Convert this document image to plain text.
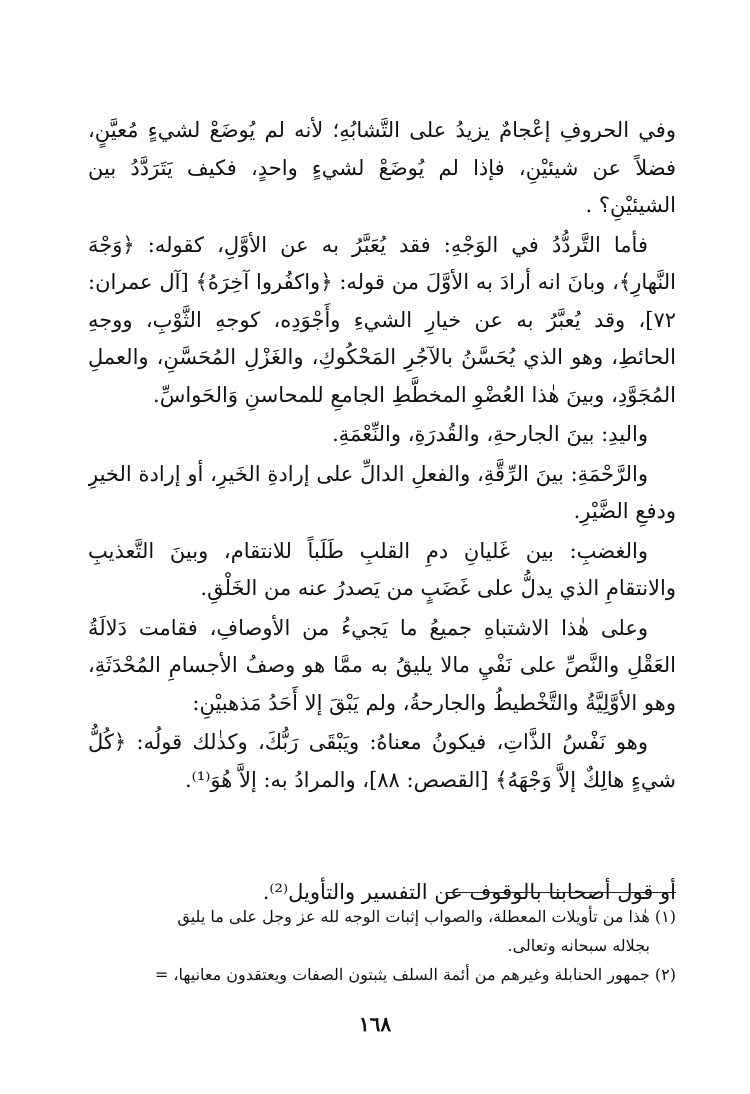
وفي الحروفِ إعْجامٌ يزيدُ على التَّشابُهِ؛ لأنه لم يُوضَعْ لشيءٍ مُعيَّنٍ، فضلاً عن شيئيْنِ، فإذا لم يُوضَعْ لشيءٍ واحدٍ، فكيف يَتَرَدَّدُ بين الشيئيْنِ؟ .

فأما التَّردُّدُ في الوَجْهِ: فقد يُعَبَّرُ به عن الأوَّلِ، كقوله: ﴿وَجْهَ النَّهارِ﴾، وبانَ انه أرادَ به الأوَّلَ من قوله: ﴿واكفُروا آخِرَهُ﴾ [آل عمران: ٧٢]، وقد يُعبَّرُ به عن خيارِ الشيءِ وأَجْوَدِه، كوجهِ الثَّوْبِ، ووجهِ الحائطِ، وهو الذي يُحَسَّنُ بالآجُرِ المَحْكُوكِ، والغَزْلِ المُحَسَّنِ، والعملِ المُجَوَّدِ، وبينَ هٰذا العُضْوِ المخطَّطِ الجامعِ للمحاسنِ وَالحَواسِّ.

واليدِ: بينَ الجارحةِ، والقُدرَةِ، والنِّعْمَةِ.

والرَّحْمَةِ: بينَ الرِّقَّةِ، والفعلِ الدالِّ على إرادةِ الخَيرِ، أو إرادة الخيرِ ودفعِ الضَّيْرِ.

والغضبِ: بين غَليانِ دمِ القلبِ طَلَباً للانتقام، وبينَ التَّعذيبِ والانتقامِ الذي يدلُّ على غَضَبٍ من يَصدرُ عنه من الخَلْقِ.

وعلى هٰذا الاشتباهِ جميعُ ما يَجيءُ من الأوصافِ، فقامت دَلالَةُ العَقْلِ والنَّصِّ على نَفْيِ مالا يليقُ به ممَّا هو وصفُ الأجسامِ المُحْدَثَةِ، وهو الأوَّلِيَّةُ والتَّخْطيطُ والجارحةُ، ولم يَبْقَ إلا أَحَدُ مَذهبيْنِ:

وهو نَفْسُ الذَّاتِ، فيكونُ معناهُ: ويَبْقَى رَبُّكَ، وكذٰلك قولُه: ﴿كُلُّ شيءٍ هالِكٌ إلاَّ وَجْهَهُ﴾ [القصص: ٨٨]، والمرادُ به: إلاَّ هُوَ⁽¹⁾.

أو قول أصحابنا بالوقوف عن التفسير والتأويل⁽²⁾.

(١) هٰذا من تأويلات المعطلة، والصواب إثبات الوجه لله عز وجل على ما يليق
بجلاله سبحانه وتعالى.

(٢) جمهور الحنابلة وغيرهم من أئمة السلف يثبتون الصفات ويعتقدون معانيها، =

١٦٨
